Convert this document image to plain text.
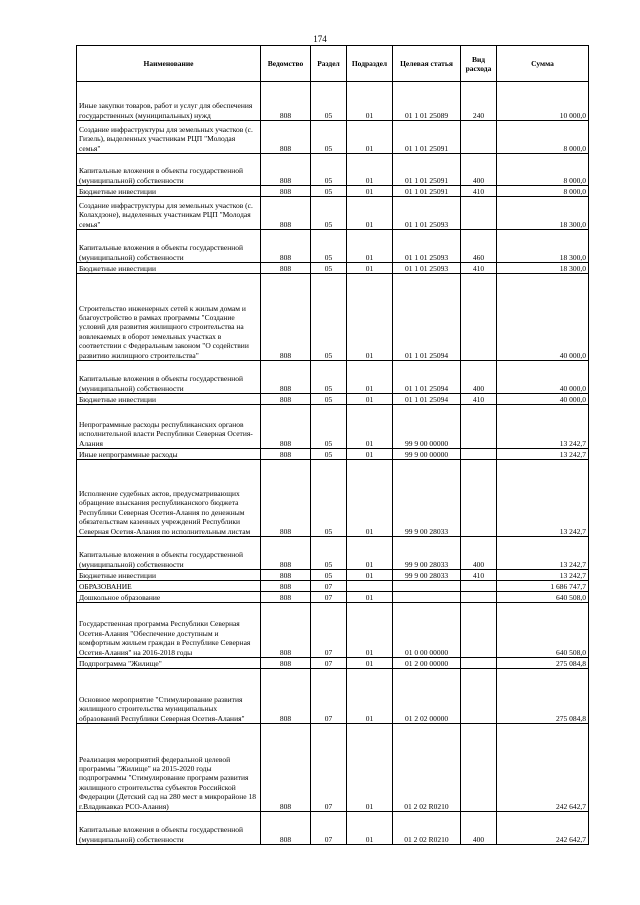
174
Наименование	Ведомство	Раздел	Подраздел	Целевая статья	Вид расхода	Сумма
Иные закупки товаров, работ и услуг для обеспечения государственных (муниципальных) нужд	808	05	01	01 1 01 25089	240	10 000,0
Создание инфраструктуры для земельных участков (с. Гизель), выделенных участникам РЦП "Молодая семья"	808	05	01	01 1 01 25091		8 000,0
Капитальные вложения в объекты государственной (муниципальной) собственности	808	05	01	01 1 01 25091	400	8 000,0
Бюджетные инвестиции	808	05	01	01 1 01 25091	410	8 000,0
Создание инфраструктуры для земельных участков (с. Колахдзоне), выделенных участникам РЦП "Молодая семья"	808	05	01	01 1 01 25093		18 300,0
Капитальные вложения в объекты государственной (муниципальной) собственности	808	05	01	01 1 01 25093	460	18 300,0
Бюджетные инвестиции	808	05	01	01 1 01 25093	410	18 300,0
Строительство инженерных сетей к жилым домам и благоустройство в рамках программы "Создание условий для развития жилищного строительства на вовлекаемых в оборот земельных участках в соответствии с Федеральным законом "О содействии развитию жилищного строительства"	808	05	01	01 1 01 25094		40 000,0
Капитальные вложения в объекты государственной (муниципальной) собственности	808	05	01	01 1 01 25094	400	40 000,0
Бюджетные инвестиции	808	05	01	01 1 01 25094	410	40 000,0
Непрограммные расходы республиканских органов исполнительной власти Республики Северная Осетия-Алания	808	05	01	99 9 00 00000		13 242,7
Иные непрограммные расходы	808	05	01	99 9 00 00000		13 242,7
Исполнение судебных актов, предусматривающих обращение взыскания республиканского бюджета Республики Северная Осетия-Алания по денежным обязательствам казенных учреждений Республики Северная Осетия-Алания по исполнительным листам	808	05	01	99 9 00 28033		13 242,7
Капитальные вложения в объекты государственной (муниципальной) собственности	808	05	01	99 9 00 28033	400	13 242,7
Бюджетные инвестиции	808	05	01	99 9 00 28033	410	13 242,7
ОБРАЗОВАНИЕ	808	07				1 686 747,7
Дошкольное образование	808	07	01			640 508,0
Государственная программа Республики Северная Осетия-Алания "Обеспечение доступным и комфортным жильем граждан в Республике Северная Осетия-Алания" на 2016-2018 годы	808	07	01	01 0 00 00000		640 508,0
Подпрограмма "Жилище"	808	07	01	01 2 00 00000		275 084,8
Основное мероприятие "Стимулирование развития жилищного строительства муниципальных образований Республики Северная Осетия-Алания"	808	07	01	01 2 02 00000		275 084,8
Реализация мероприятий федеральной целевой программы "Жилище" на 2015-2020 годы подпрограммы "Стимулирование программ развития жилищного строительства субъектов Российской Федерации (Детский сад на 280 мест в микрорайоне 18 г.Владикавказ РСО-Алания)	808	07	01	01 2 02 R0210		242 642,7
Капитальные вложения в объекты государственной (муниципальной) собственности	808	07	01	01 2 02 R0210	400	242 642,7
